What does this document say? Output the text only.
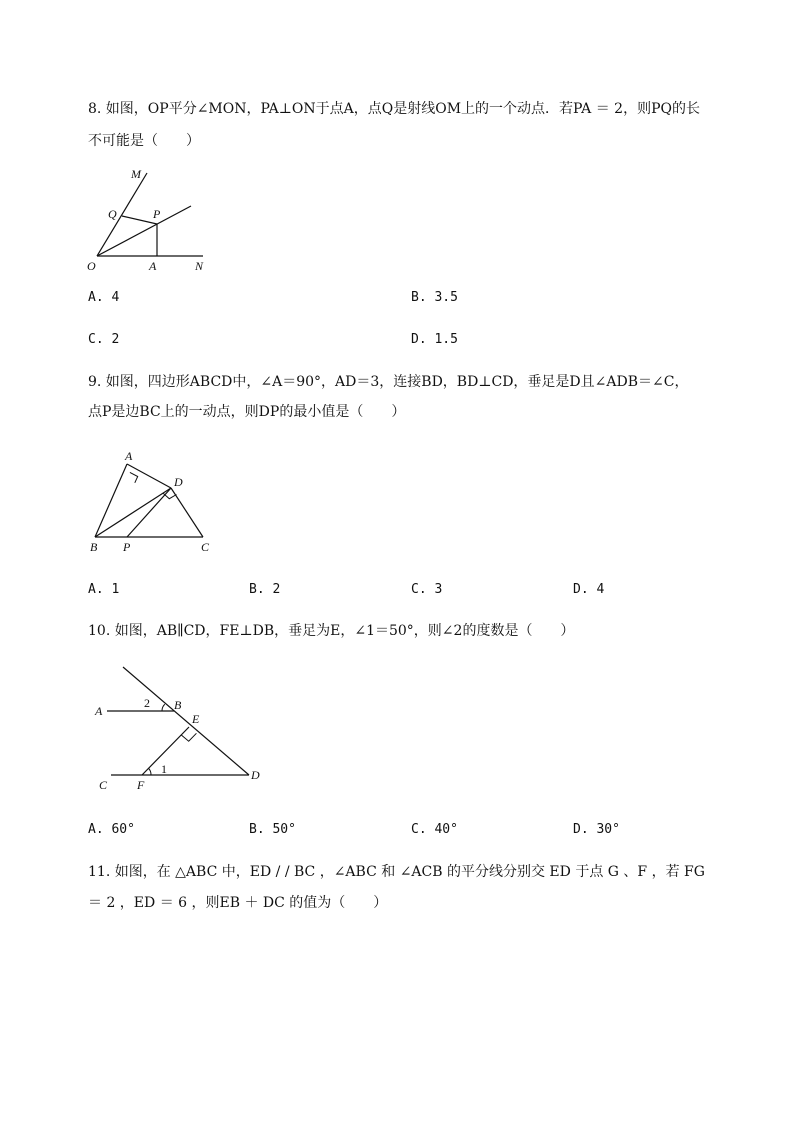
8. 如图，OP平分∠MON，PA⊥ON于点A，点Q是射线OM上的一个动点．若PA ＝ 2，则PQ的长
不可能是（　　）
M
Q	P
O	A	N
A. 4	B. 3.5
C. 2	D. 1.5
9. 如图，四边形ABCD中，∠A＝90°，AD＝3，连接BD，BD⊥CD，垂足是D且∠ADB＝∠C，
点P是边BC上的一动点，则DP的最小值是（　　）
A
D
B P	C
A. 1	B. 2	C. 3	D. 4
10. 如图，AB∥CD，FE⊥DB，垂足为E，∠1＝50°，则∠2的度数是（　　）
A
2 B
E
1
C F
D
A. 60°	B. 50°	C. 40°	D. 30°
11. 如图，在 △ABC 中，ED / / BC ，∠ABC 和 ∠ACB 的平分线分别交 ED 于点 G 、F ，若 FG
＝ 2 ，ED ＝ 6 ，则EB ＋ DC 的值为（　　）
